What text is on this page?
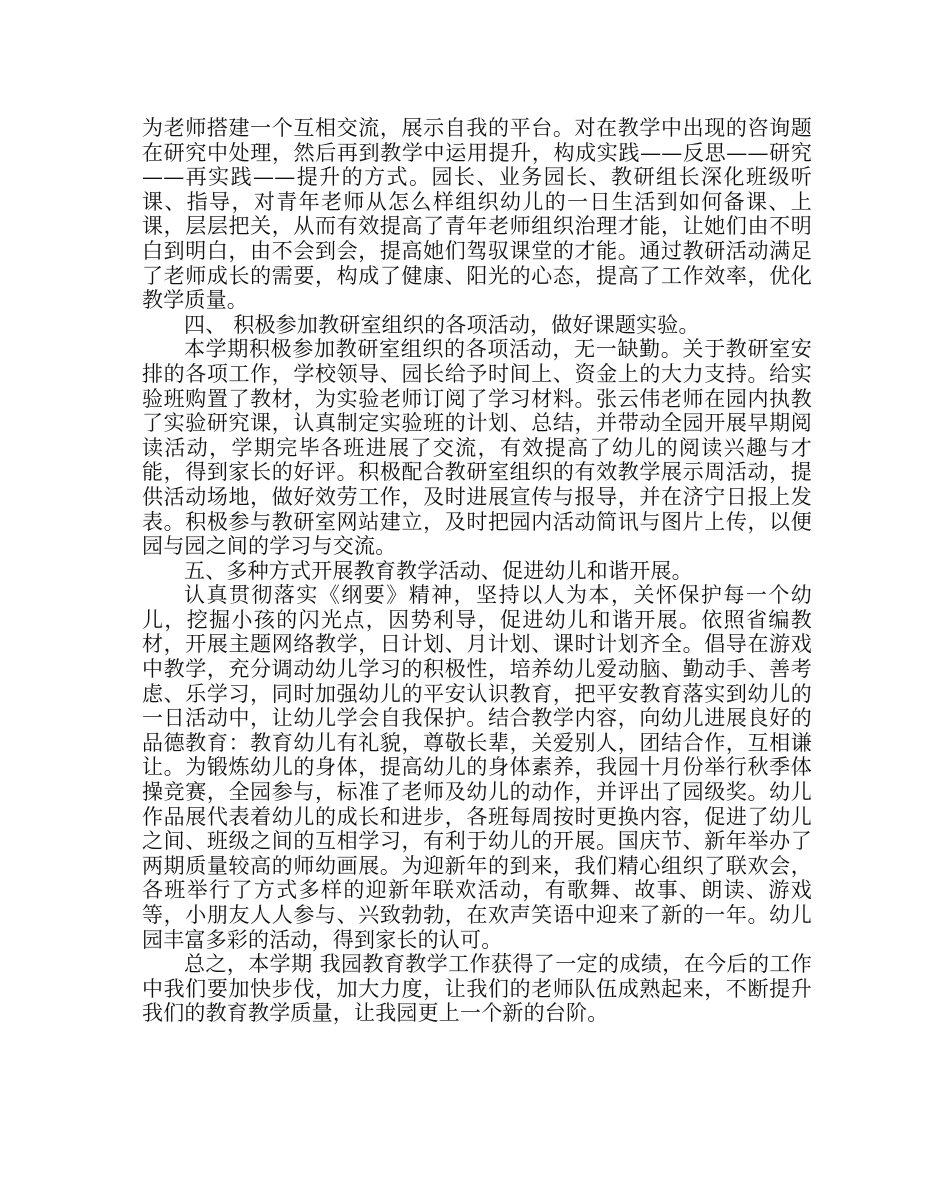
为老师搭建一个互相交流，展示自我的平台。对在教学中出现的咨询题在研究中处理，然后再到教学中运用提升，构成实践——反思——研究——再实践——提升的方式。园长、业务园长、教研组长深化班级听课、指导，对青年老师从怎么样组织幼儿的一日生活到如何备课、上课，层层把关，从而有效提高了青年老师组织治理才能，让她们由不明白到明白，由不会到会，提高她们驾驭课堂的才能。通过教研活动满足了老师成长的需要，构成了健康、阳光的心态，提高了工作效率，优化教学质量。

四、 积极参加教研室组织的各项活动，做好课题实验。

本学期积极参加教研室组织的各项活动，无一缺勤。关于教研室安排的各项工作，学校领导、园长给予时间上、资金上的大力支持。给实验班购置了教材，为实验老师订阅了学习材料。张云伟老师在园内执教了实验研究课，认真制定实验班的计划、总结，并带动全园开展早期阅读活动，学期完毕各班进展了交流，有效提高了幼儿的阅读兴趣与才能，得到家长的好评。积极配合教研室组织的有效教学展示周活动，提供活动场地，做好效劳工作，及时进展宣传与报导，并在济宁日报上发表。积极参与教研室网站建立，及时把园内活动简讯与图片上传，以便园与园之间的学习与交流。

五、多种方式开展教育教学活动、促进幼儿和谐开展。

认真贯彻落实《纲要》精神，坚持以人为本，关怀保护每一个幼儿，挖掘小孩的闪光点，因势利导，促进幼儿和谐开展。依照省编教材，开展主题网络教学，日计划、月计划、课时计划齐全。倡导在游戏中教学，充分调动幼儿学习的积极性，培养幼儿爱动脑、勤动手、善考虑、乐学习，同时加强幼儿的平安认识教育，把平安教育落实到幼儿的一日活动中，让幼儿学会自我保护。结合教学内容，向幼儿进展良好的品德教育：教育幼儿有礼貌，尊敬长辈，关爱别人，团结合作，互相谦让。为锻炼幼儿的身体，提高幼儿的身体素养，我园十月份举行秋季体操竞赛，全园参与，标准了老师及幼儿的动作，并评出了园级奖。幼儿作品展代表着幼儿的成长和进步，各班每周按时更换内容，促进了幼儿之间、班级之间的互相学习，有利于幼儿的开展。国庆节、新年举办了两期质量较高的师幼画展。为迎新年的到来，我们精心组织了联欢会，各班举行了方式多样的迎新年联欢活动，有歌舞、故事、朗读、游戏等，小朋友人人参与、兴致勃勃，在欢声笑语中迎来了新的一年。幼儿园丰富多彩的活动，得到家长的认可。

总之，本学期 我园教育教学工作获得了一定的成绩，在今后的工作中我们要加快步伐，加大力度，让我们的老师队伍成熟起来，不断提升我们的教育教学质量，让我园更上一个新的台阶。
